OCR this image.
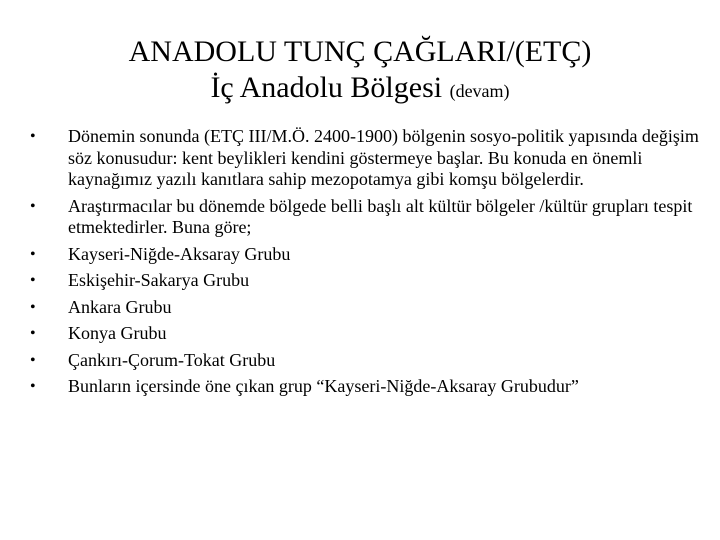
ANADOLU TUNÇ ÇAĞLARI/(ETÇ)
İç Anadolu Bölgesi (devam)
•	Dönemin sonunda (ETÇ III/M.Ö. 2400-1900) bölgenin sosyo-politik yapısında değişim söz konusudur: kent beylikleri kendini göstermeye başlar. Bu konuda en önemli kaynağımız yazılı kanıtlara sahip mezopotamya gibi komşu bölgelerdir.
•	Araştırmacılar bu dönemde bölgede belli başlı alt kültür bölgeler /kültür grupları tespit etmektedirler. Buna göre;
•	Kayseri-Niğde-Aksaray Grubu
•	Eskişehir-Sakarya Grubu
•	Ankara Grubu
•	Konya Grubu
•	Çankırı-Çorum-Tokat Grubu
•	Bunların içersinde öne çıkan grup “Kayseri-Niğde-Aksaray Grubudur”
